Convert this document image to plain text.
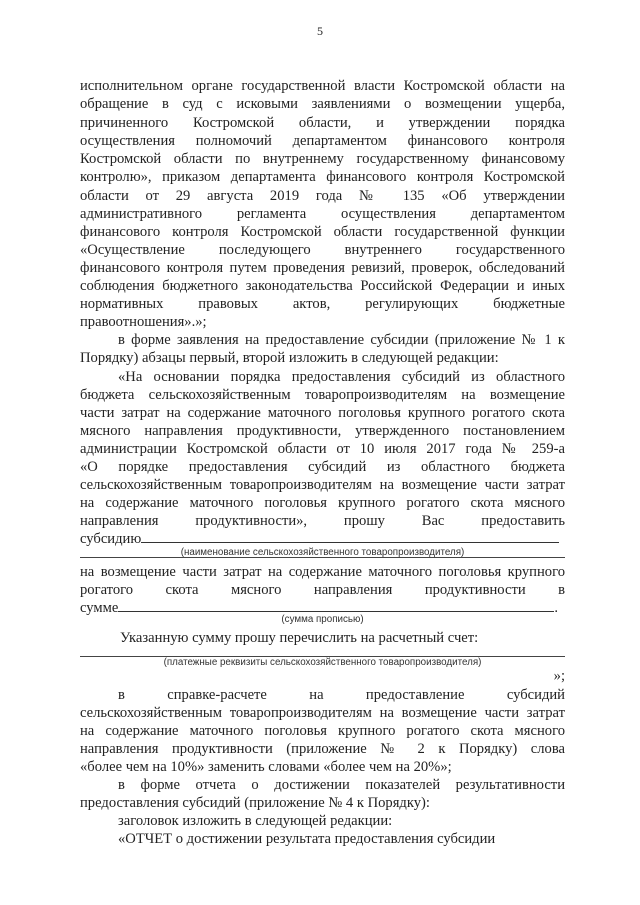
5
исполнительном органе государственной власти Костромской области на
обращение в суд с исковыми заявлениями о возмещении ущерба,
причиненного Костромской области, и утверждении порядка
осуществления полномочий департаментом финансового контроля
Костромской области по внутреннему государственному финансовому
контролю», приказом департамента финансового контроля Костромской
области от 29 августа 2019 года № 135 «Об утверждении
административного регламента осуществления департаментом
финансового контроля Костромской области государственной функции
«Осуществление последующего внутреннего государственного
финансового контроля путем проведения ревизий, проверок, обследований
соблюдения бюджетного законодательства Российской Федерации и иных
нормативных правовых актов, регулирующих бюджетные
правоотношения».»;
в форме заявления на предоставление субсидии (приложение № 1 к
Порядку) абзацы первый, второй изложить в следующей редакции:
«На основании порядка предоставления субсидий из областного
бюджета сельскохозяйственным товаропроизводителям на возмещение
части затрат на содержание маточного поголовья крупного рогатого скота
мясного направления продуктивности, утвержденного постановлением
администрации Костромской области от 10 июля 2017 года № 259-а
«О порядке предоставления субсидий из областного бюджета
сельскохозяйственным товаропроизводителям на возмещение части затрат
на содержание маточного поголовья крупного рогатого скота мясного
направления продуктивности», прошу Вас предоставить
субсидию
(наименование сельскохозяйственного товаропроизводителя)
на возмещение части затрат на содержание маточного поголовья крупного
рогатого скота мясного направления продуктивности в
сумме	.
(сумма прописью)
Указанную сумму прошу перечислить на расчетный счет:
(платежные реквизиты сельскохозяйственного товаропроизводителя)
»;
в справке-расчете на предоставление субсидий
сельскохозяйственным товаропроизводителям на возмещение части затрат
на содержание маточного поголовья крупного рогатого скота мясного
направления продуктивности (приложение № 2 к Порядку) слова
«более чем на 10%» заменить словами «более чем на 20%»;
в форме отчета о достижении показателей результативности
предоставления субсидий (приложение № 4 к Порядку):
заголовок изложить в следующей редакции:
«ОТЧЕТ о достижении результата предоставления субсидии
